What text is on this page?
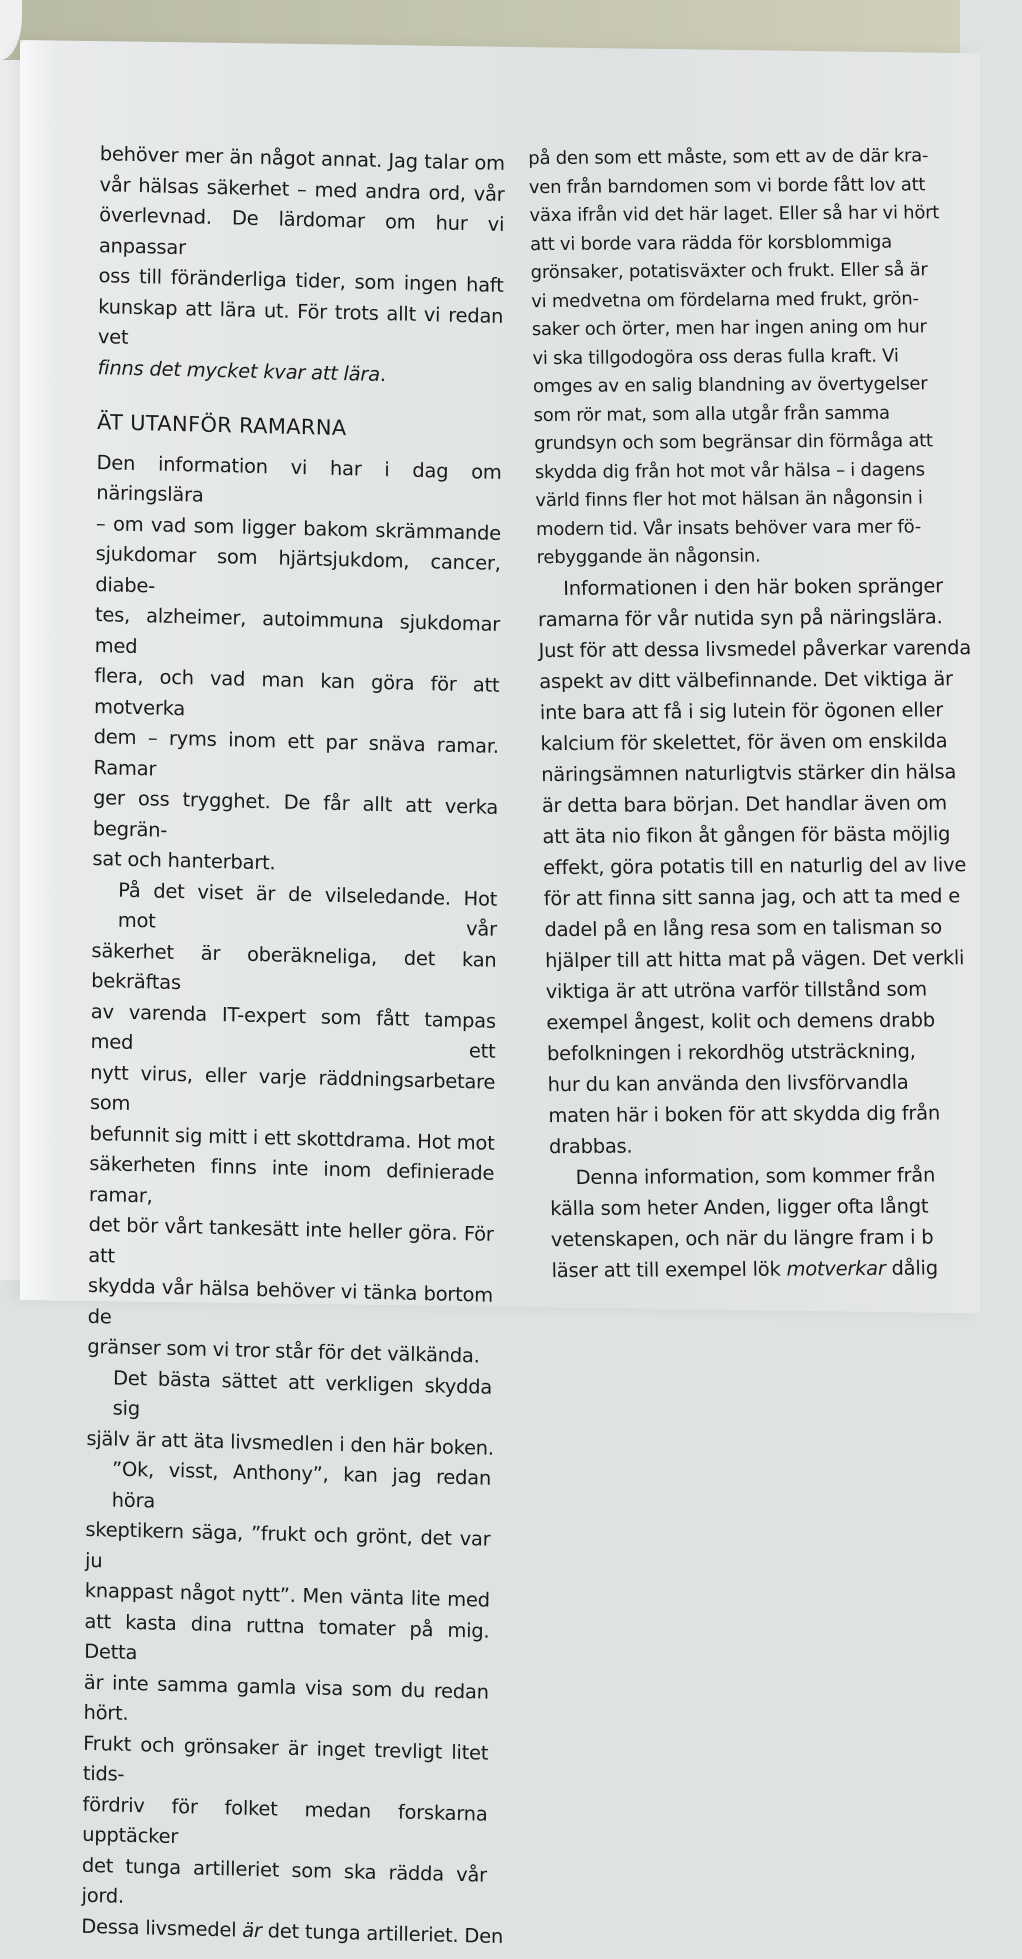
behöver mer än något annat. Jag talar om
vår hälsas säkerhet – med andra ord, vår
överlevnad. De lärdomar om hur vi anpassar
oss till föränderliga tider, som ingen haft
kunskap att lära ut. För trots allt vi redan vet
finns det mycket kvar att lära.
ÄT UTANFÖR RAMARNA
Den information vi har i dag om näringslära
– om vad som ligger bakom skrämmande
sjukdomar som hjärtsjukdom, cancer, diabe-
tes, alzheimer, autoimmuna sjukdomar med
flera, och vad man kan göra för att motverka
dem – ryms inom ett par snäva ramar. Ramar
ger oss trygghet. De får allt att verka begrän-
sat och hanterbart.
På det viset är de vilseledande. Hot mot vår
säkerhet är oberäkneliga, det kan bekräftas
av varenda IT-expert som fått tampas med ett
nytt virus, eller varje räddningsarbetare som
befunnit sig mitt i ett skottdrama. Hot mot
säkerheten finns inte inom definierade ramar,
det bör vårt tankesätt inte heller göra. För att
skydda vår hälsa behöver vi tänka bortom de
gränser som vi tror står för det välkända.
Det bästa sättet att verkligen skydda sig
själv är att äta livsmedlen i den här boken.
”Ok, visst, Anthony”, kan jag redan höra
skeptikern säga, ”frukt och grönt, det var ju
knappast något nytt”. Men vänta lite med
att kasta dina ruttna tomater på mig. Detta
är inte samma gamla visa som du redan hört.
Frukt och grönsaker är inget trevligt litet tids-
fördriv för folket medan forskarna upptäcker
det tunga artilleriet som ska rädda vår jord.
Dessa livsmedel är det tunga artilleriet. Den
på den som ett måste, som ett av de där kra-
ven från barndomen som vi borde fått lov att
växa ifrån vid det här laget. Eller så har vi hört
att vi borde vara rädda för korsblommiga
grönsaker, potatisväxter och frukt. Eller så är
vi medvetna om fördelarna med frukt, grön-
saker och örter, men har ingen aning om hur
vi ska tillgodogöra oss deras fulla kraft. Vi
omges av en salig blandning av övertygelser
som rör mat, som alla utgår från samma
grundsyn och som begränsar din förmåga att
skydda dig från hot mot vår hälsa – i dagens
värld finns fler hot mot hälsan än någonsin i
modern tid. Vår insats behöver vara mer fö-
rebyggande än någonsin.
Informationen i den här boken spränger
ramarna för vår nutida syn på näringslära.
Just för att dessa livsmedel påverkar varenda
aspekt av ditt välbefinnande. Det viktiga är
inte bara att få i sig lutein för ögonen eller
kalcium för skelettet, för även om enskilda
näringsämnen naturligtvis stärker din hälsa
är detta bara början. Det handlar även om
att äta nio fikon åt gången för bästa möjlig
effekt, göra potatis till en naturlig del av live
för att finna sitt sanna jag, och att ta med e
dadel på en lång resa som en talisman so
hjälper till att hitta mat på vägen. Det verkli
viktiga är att utröna varför tillstånd som
exempel ångest, kolit och demens drabb
befolkningen i rekordhög utsträckning,
hur du kan använda den livsförvandla
maten här i boken för att skydda dig från
drabbas.
Denna information, som kommer från
källa som heter Anden, ligger ofta långt
vetenskapen, och när du längre fram i b
läser att till exempel lök motverkar dålig
